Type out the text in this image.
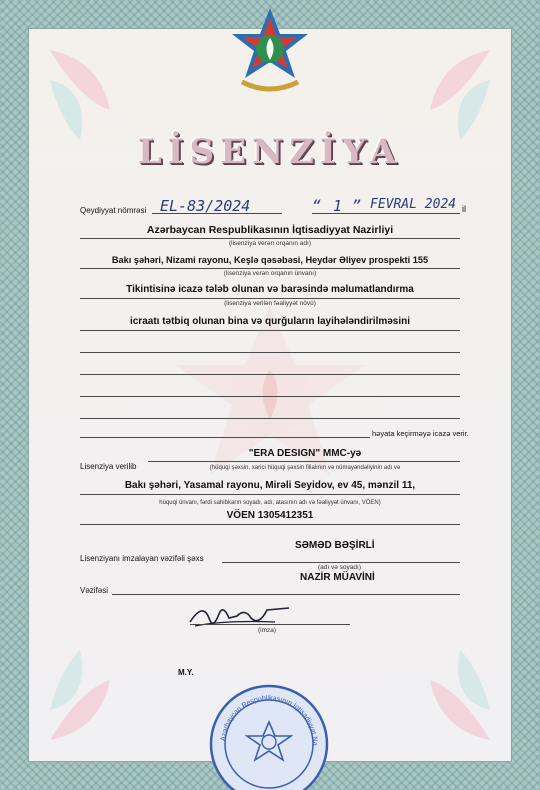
LİSENZİYA
Qeydiyyat nömrəsi EL-83/2024	“ 1 ” FEVRAL 2024 il
Azərbaycan Respublikasının İqtisadiyyat Nazirliyi
(lisenziya verən orqanın adı)
Bakı şəhəri, Nizami rayonu, Keşlə qəsəbəsi, Heydər Əliyev prospekti 155
(lisenziya verən orqanın ünvanı)
Tikintisinə icazə tələb olunan və barəsində məlumatlandırma
(lisenziya verilən fəaliyyət növü)
icraatı tətbiq olunan bina və qurğuların layihələndirilməsini
həyata keçirməyə icazə verir.
"ERA DESIGN" MMC-yə
Lisenziya verilib	(hüquqi şəxsin, xarici hüquqi şəxsin filialının və nümayəndəliyinin adı və
Bakı şəhəri, Yasamal rayonu, Mirəli Seyidov, ev 45, mənzil 11,
hüquqi ünvanı, fərdi sahibkarın soyadı, adı, atasının adı və fəaliyyət ünvanı, VÖEN)
VÖEN 1305412351
SƏMƏD BƏŞİRLİ
Lisenziyanı imzalayan vəzifəli şəxs
(adı və soyadı)
NAZİR MÜAVİNİ
Vəzifəsi
(imza)
M.Y.
Azərbaycan Respublikasının İqtisadiyyat Na
